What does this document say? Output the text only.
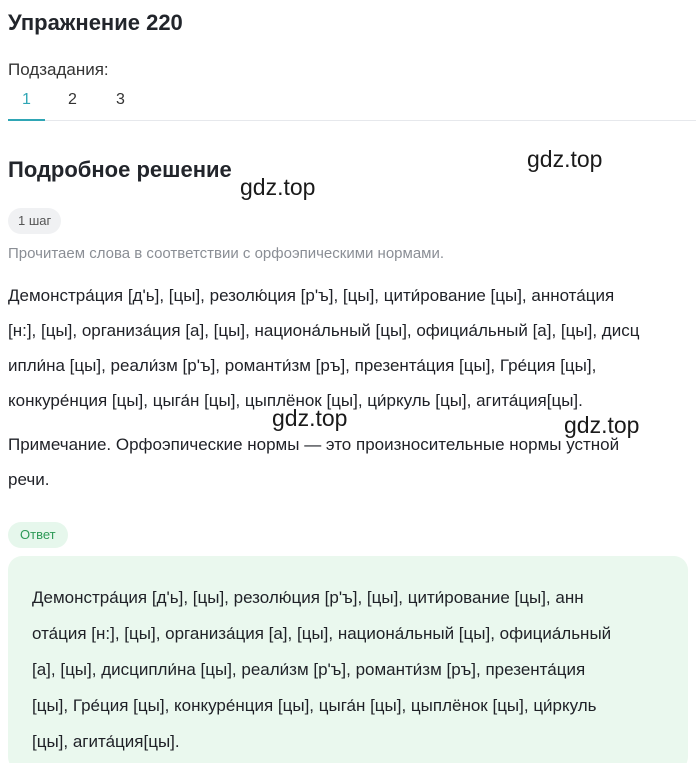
Упражнение 220
Подзадания:
1	2	3
Подробное решение	gdz.top
gdz.top
1 шаг
Прочитаем слова в соответствии с орфоэпическими нормами.
Демонстра́ция [д'ь], [цы], резолю́ция [р'ъ], [цы], цити́рование [цы], аннота́ция
[н:], [цы], организа́ция [а], [цы], национа́льный [цы], официа́льный [а], [цы], дисц
ипли́на [цы], реали́зм [р'ъ], романти́зм [ръ], презента́ция [цы], Гре́ция [цы],
конкуре́нция [цы], цыга́н [цы], цыплёнок [цы], ци́ркуль [цы], агита́ция[цы].
Примечание. Орфоэпические нормы — это произносительные нормы устной
речи.
gdz.top	gdz.top
Ответ
Демонстра́ция [д'ь], [цы], резолю́ция [р'ъ], [цы], цити́рование [цы], анн
ота́ция [н:], [цы], организа́ция [а], [цы], национа́льный [цы], официа́льный
[а], [цы], дисципли́на [цы], реали́зм [р'ъ], романти́зм [ръ], презента́ция
[цы], Гре́ция [цы], конкуре́нция [цы], цыга́н [цы], цыплёнок [цы], ци́ркуль
[цы], агита́ция[цы].
